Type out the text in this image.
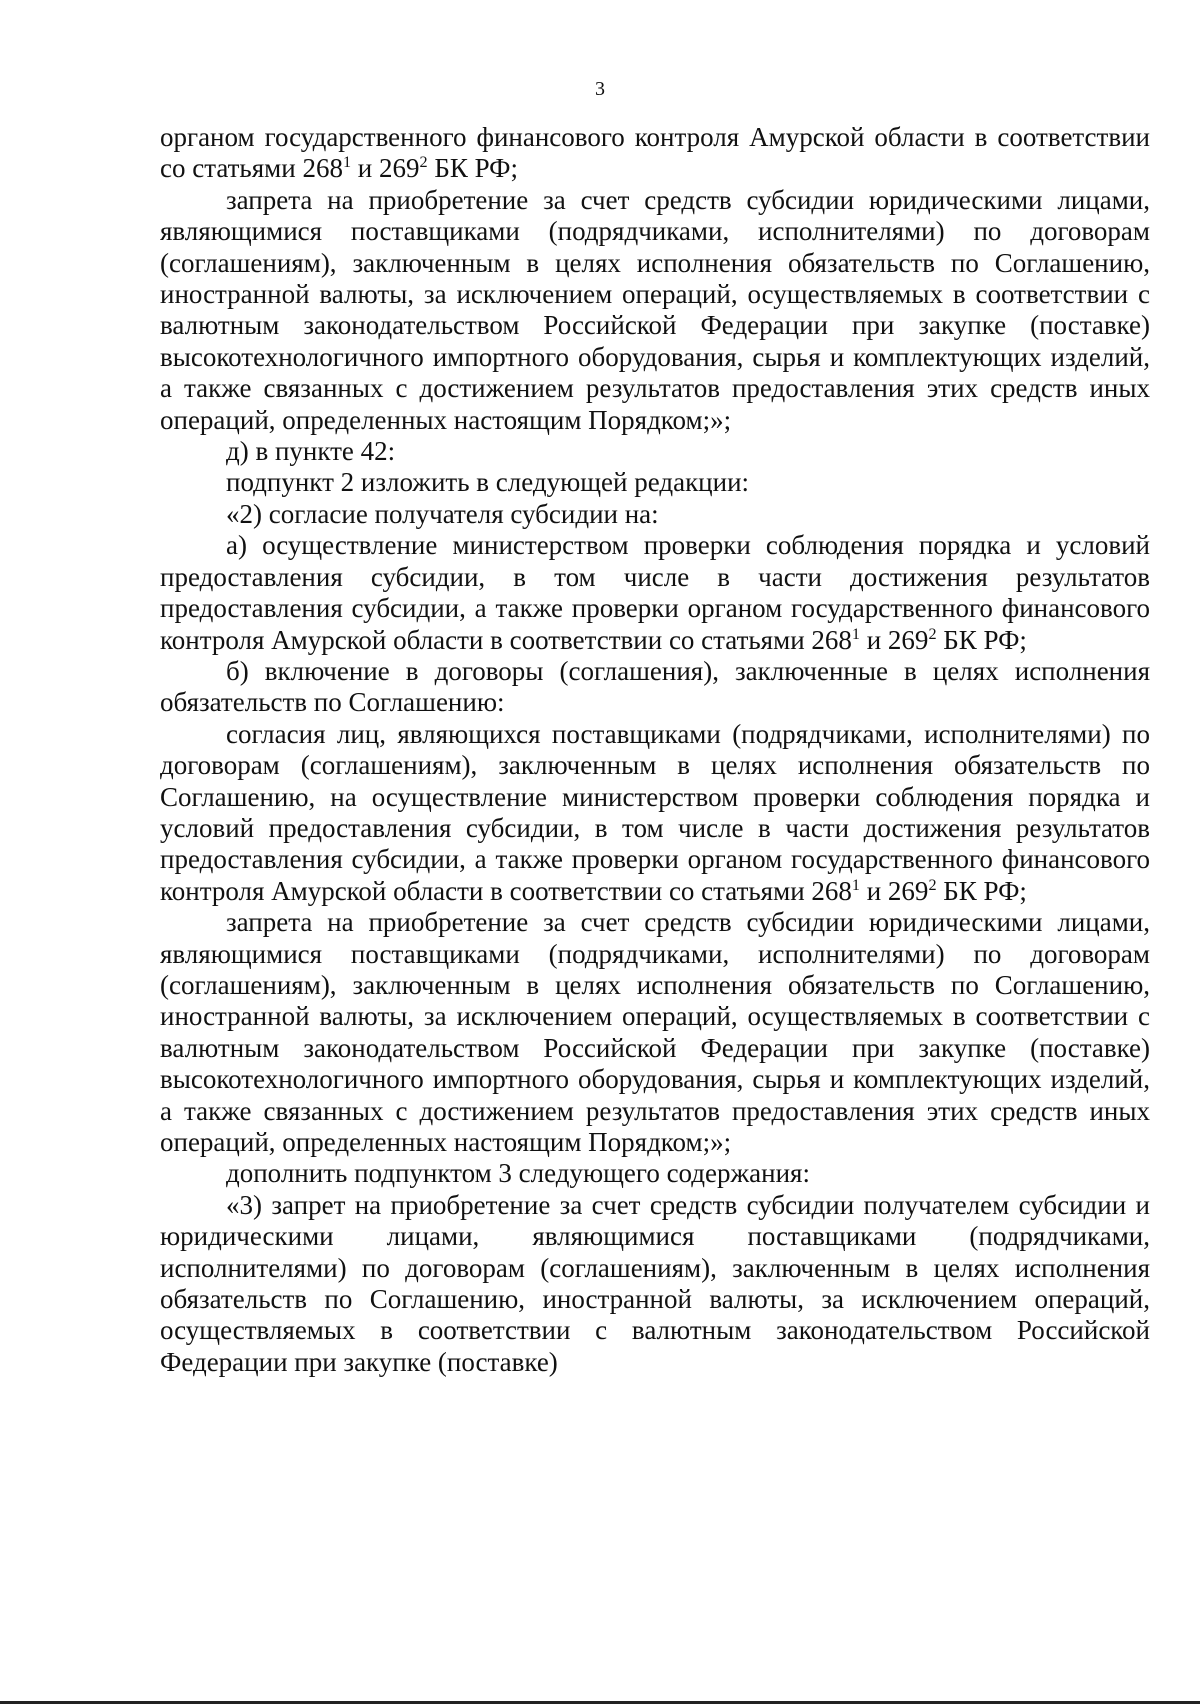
3

органом государственного финансового контроля Амурской области в соответствии со статьями $268^1$ и $269^2$ БК РФ;

запрета на приобретение за счет средств субсидии юридическими лицами, являющимися поставщиками (подрядчиками, исполнителями) по договорам (соглашениям), заключенным в целях исполнения обязательств по Соглашению, иностранной валюты, за исключением операций, осуществляемых в соответствии с валютным законодательством Российской Федерации при закупке (поставке) высокотехнологичного импортного оборудования, сырья и комплектующих изделий, а также связанных с достижением результатов предоставления этих средств иных операций, определенных настоящим Порядком;»;

д) в пункте 42:

подпункт 2 изложить в следующей редакции:

«2) согласие получателя субсидии на:

а) осуществление министерством проверки соблюдения порядка и условий предоставления субсидии, в том числе в части достижения результатов предоставления субсидии, а также проверки органом государственного финансового контроля Амурской области в соответствии со статьями $268^1$ и $269^2$ БК РФ;

б) включение в договоры (соглашения), заключенные в целях исполнения обязательств по Соглашению:

согласия лиц, являющихся поставщиками (подрядчиками, исполнителями) по договорам (соглашениям), заключенным в целях исполнения обязательств по Соглашению, на осуществление министерством проверки соблюдения порядка и условий предоставления субсидии, в том числе в части достижения результатов предоставления субсидии, а также проверки органом государственного финансового контроля Амурской области в соответствии со статьями $268^1$ и $269^2$ БК РФ;

запрета на приобретение за счет средств субсидии юридическими лицами, являющимися поставщиками (подрядчиками, исполнителями) по договорам (соглашениям), заключенным в целях исполнения обязательств по Соглашению, иностранной валюты, за исключением операций, осуществляемых в соответствии с валютным законодательством Российской Федерации при закупке (поставке) высокотехнологичного импортного оборудования, сырья и комплектующих изделий, а также связанных с достижением результатов предоставления этих средств иных операций, определенных настоящим Порядком;»;

дополнить подпунктом 3 следующего содержания:

«3) запрет на приобретение за счет средств субсидии получателем субсидии и юридическими лицами, являющимися поставщиками (подрядчиками, исполнителями) по договорам (соглашениям), заключенным в целях исполнения обязательств по Соглашению, иностранной валюты, за исключением операций, осуществляемых в соответствии с валютным законодательством Российской Федерации при закупке (поставке)
